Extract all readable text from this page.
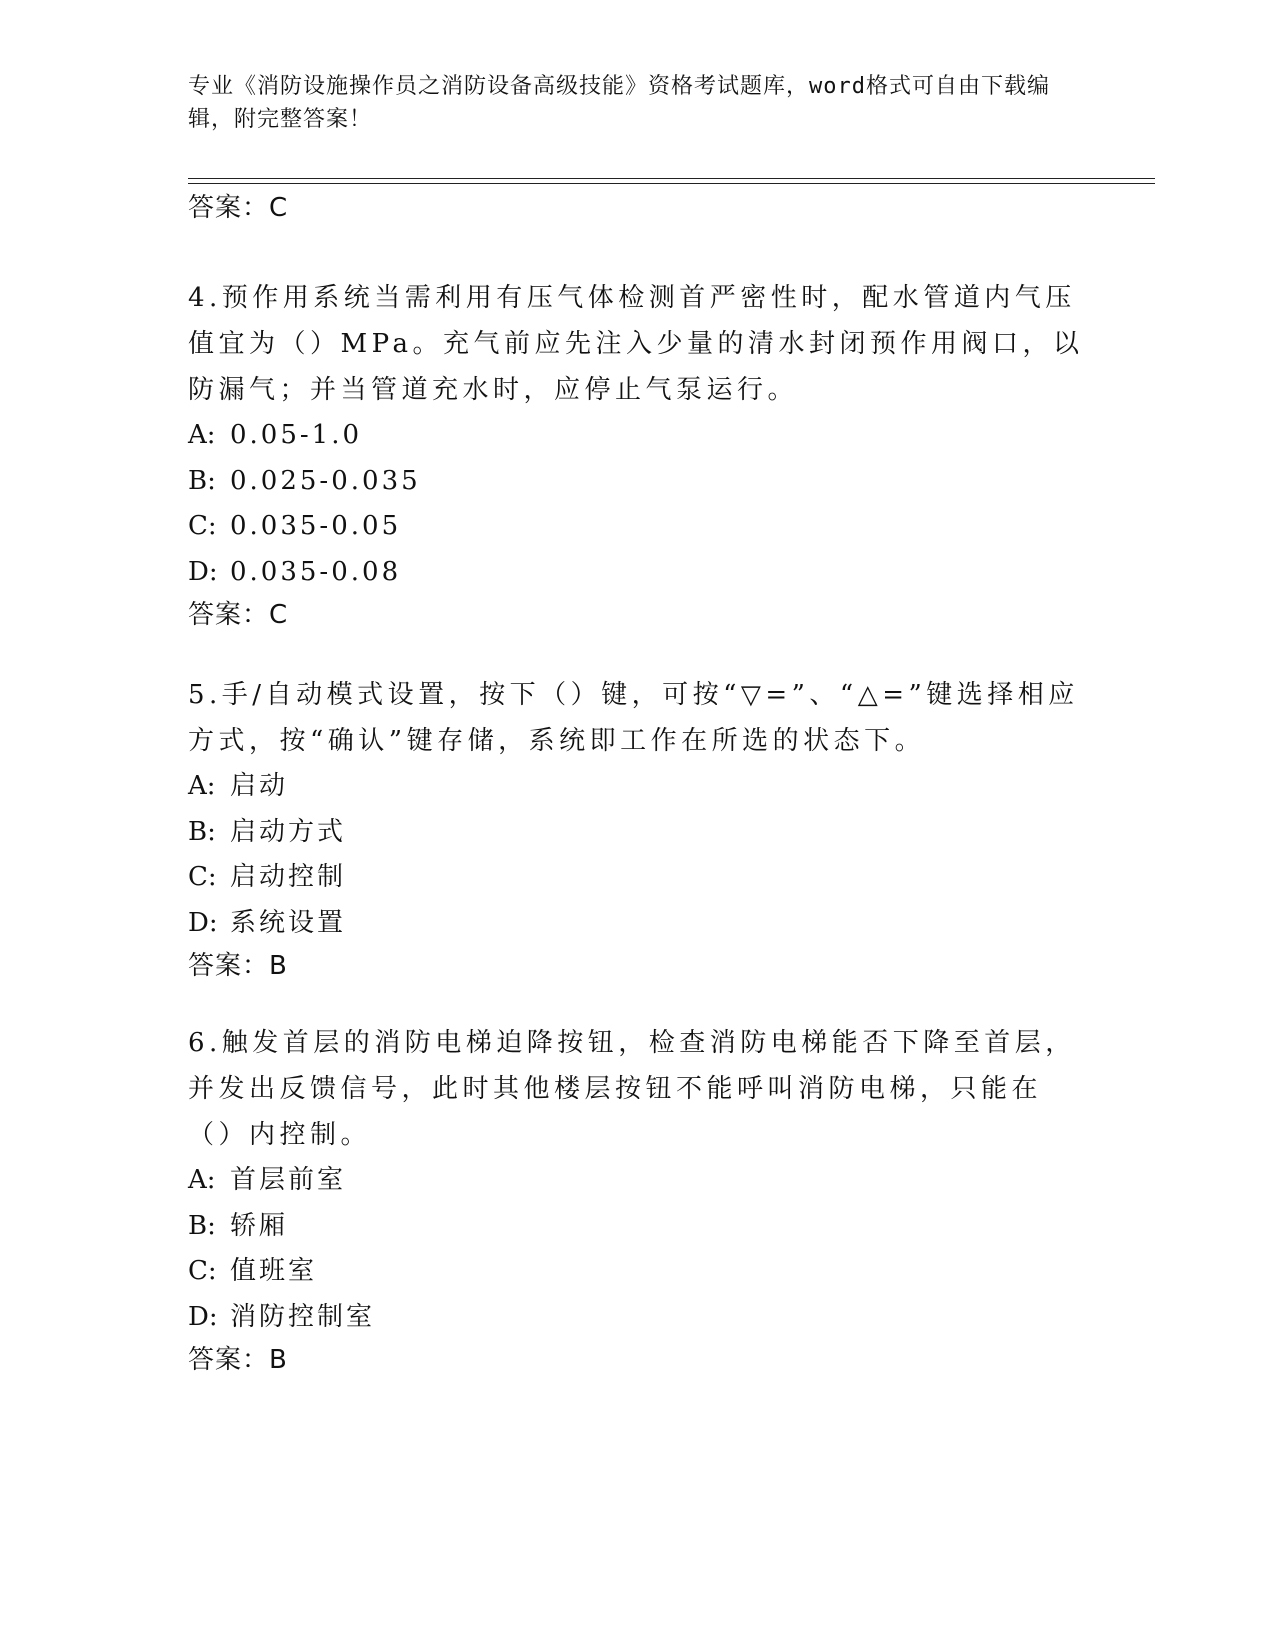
专业《消防设施操作员之消防设备高级技能》资格考试题库，word格式可自由下载编辑，附完整答案！

答案：C

4.预作用系统当需利用有压气体检测首严密性时，配水管道内气压值宜为（）MPa。充气前应先注入少量的清水封闭预作用阀口，以防漏气；并当管道充水时，应停止气泵运行。

A: 0.05-1.0

B: 0.025-0.035

C: 0.035-0.05

D: 0.035-0.08

答案：C

5.手/自动模式设置，按下（）键，可按“▽=”、“△=”键选择相应方式，按“确认”键存储，系统即工作在所选的状态下。

A: 启动

B: 启动方式

C: 启动控制

D: 系统设置

答案：B

6.触发首层的消防电梯迫降按钮，检查消防电梯能否下降至首层，并发出反馈信号，此时其他楼层按钮不能呼叫消防电梯，只能在（）内控制。

A: 首层前室

B: 轿厢

C: 值班室

D: 消防控制室

答案：B
